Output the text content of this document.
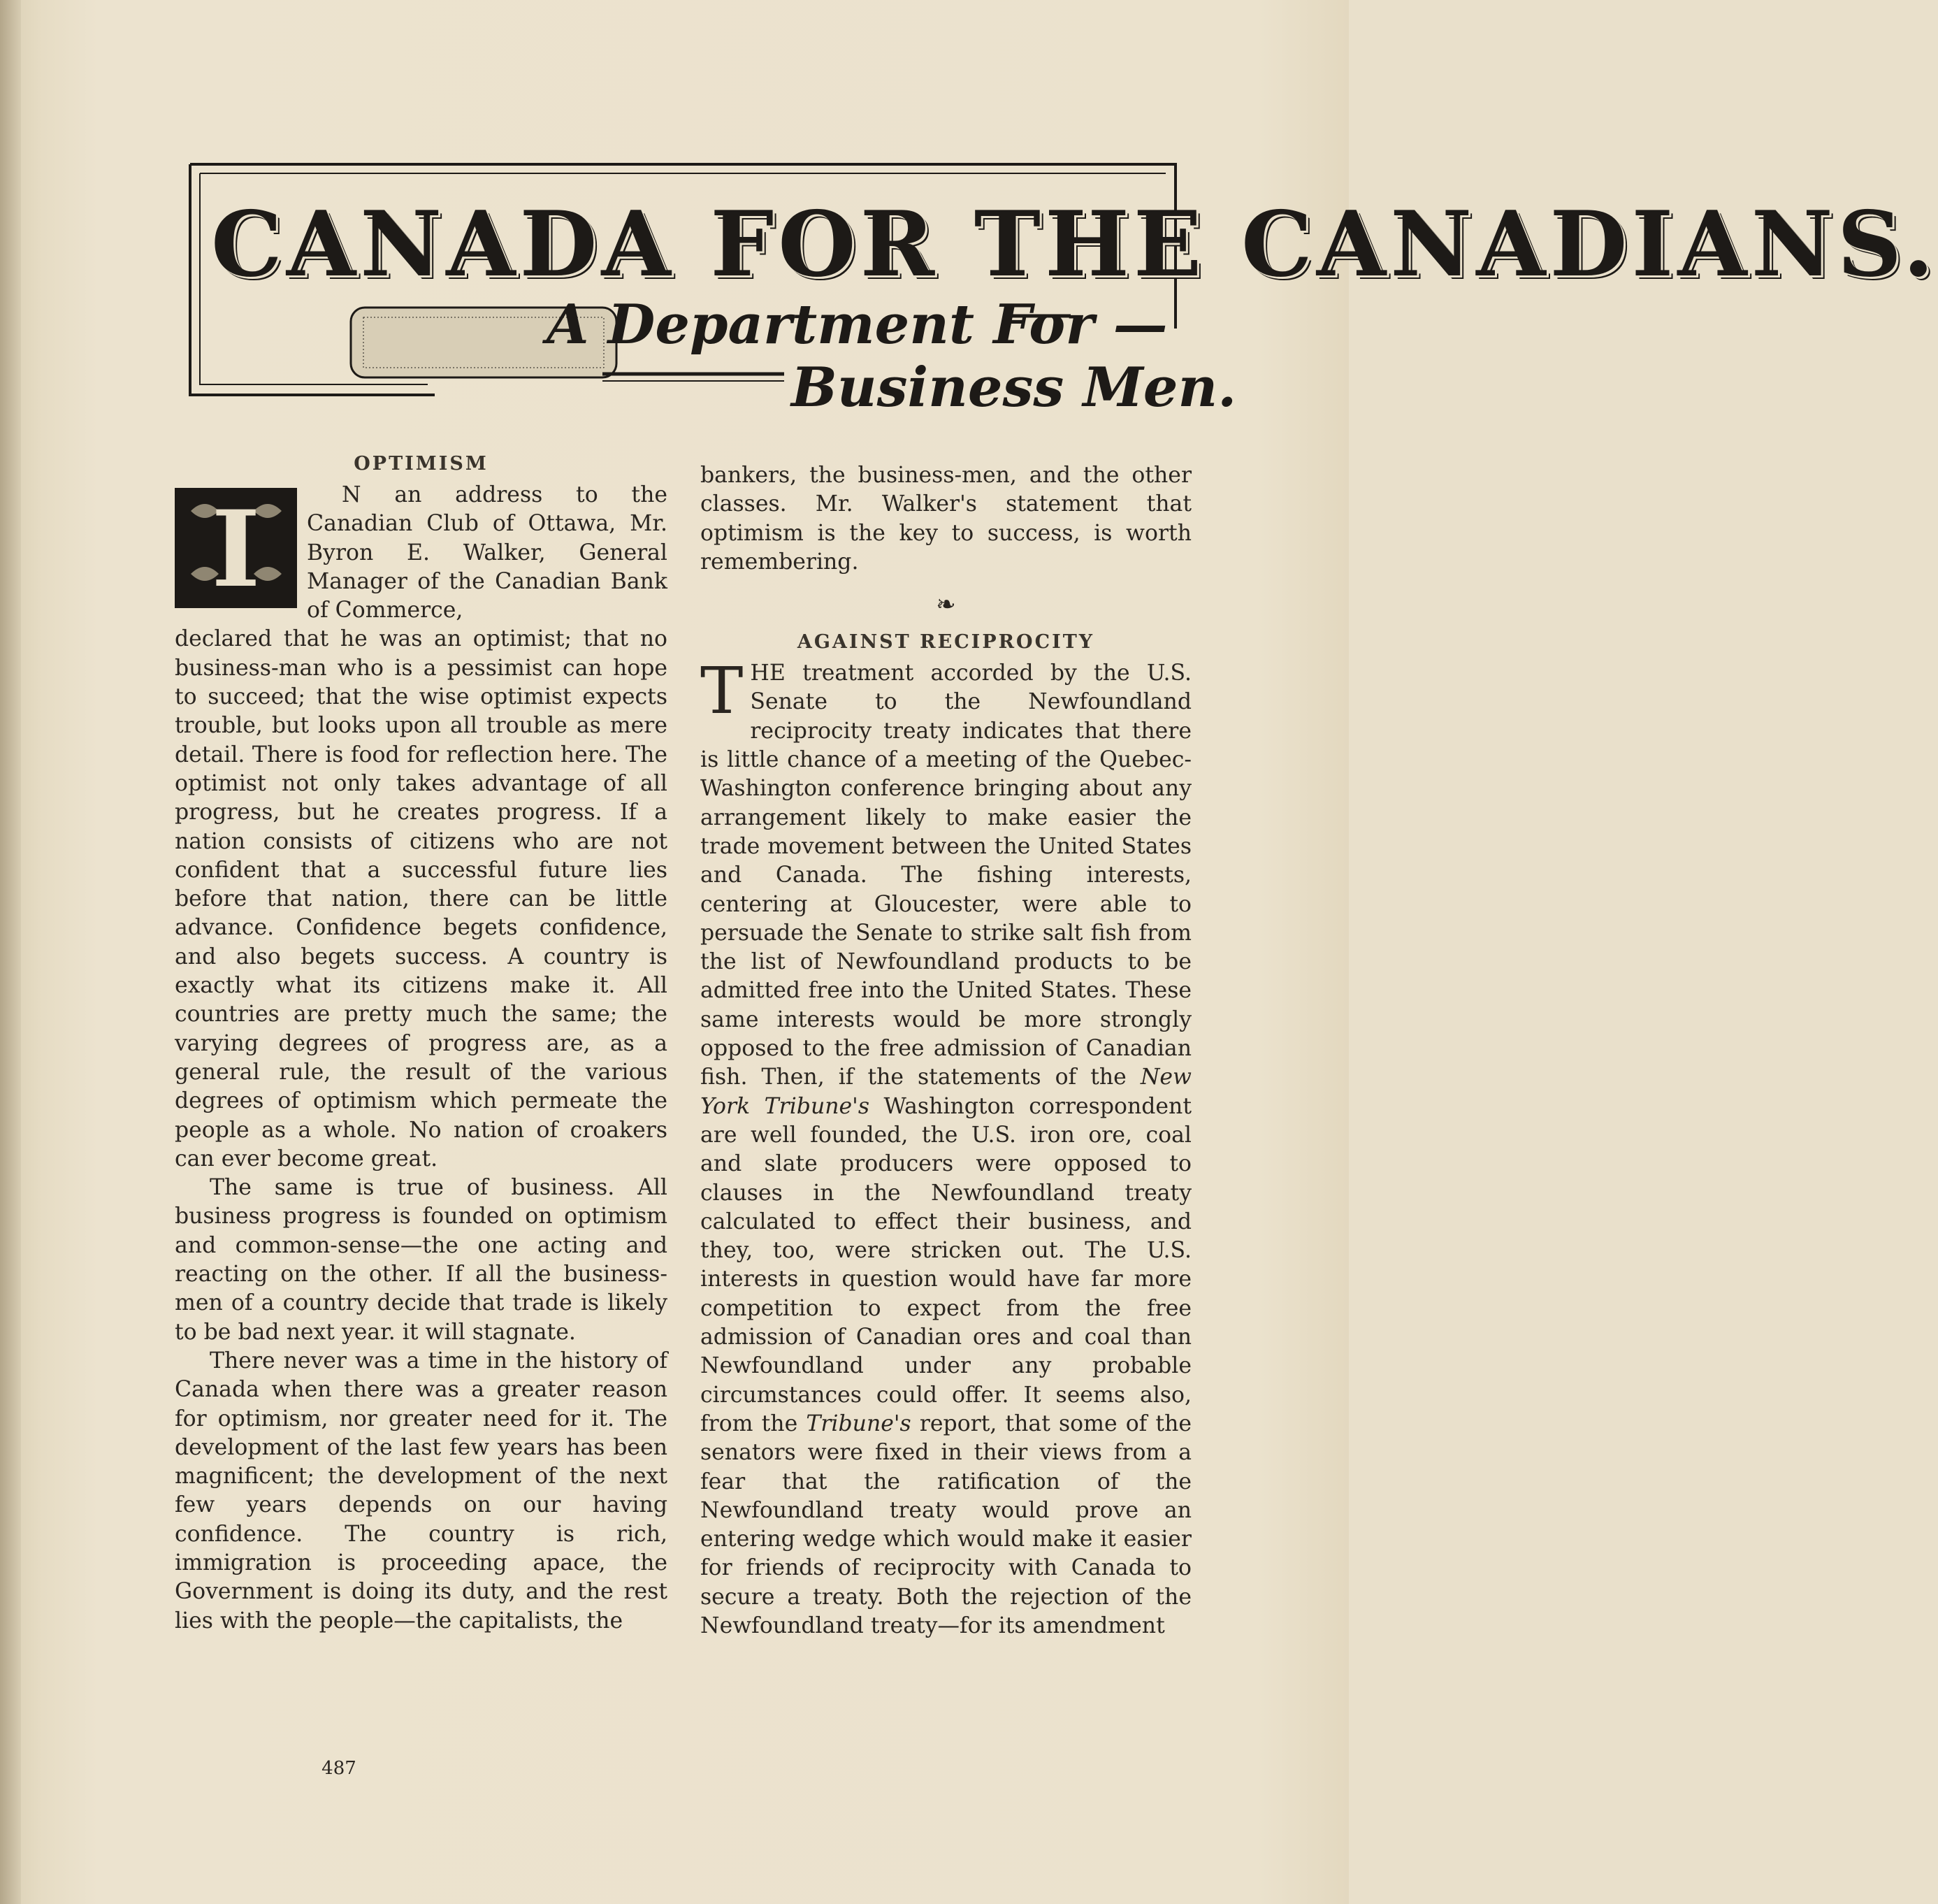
CANADA FOR THE CANADIANS.
A Department For —
Business Men.
OPTIMISM
I	N an address to the Canadian Club of Ottawa, Mr. Byron E. Walker, General Manager of the Canadian Bank of Commerce,

declared that he was an optimist; that no business-man who is a pessimist can hope to succeed; that the wise optimist expects trouble, but looks upon all trouble as mere detail. There is food for reflection here. The optimist not only takes advantage of all progress, but he creates progress. If a nation consists of citizens who are not confident that a successful future lies before that nation, there can be little advance. Confidence begets confidence, and also begets success. A country is exactly what its citizens make it. All countries are pretty much the same; the varying degrees of progress are, as a general rule, the result of the various degrees of optimism which permeate the people as a whole. No nation of croakers can ever become great.

The same is true of business. All business progress is founded on optimism and common-sense—the one acting and reacting on the other. If all the business-men of a country decide that trade is likely to be bad next year. it will stagnate.

There never was a time in the history of Canada when there was a greater reason for optimism, nor greater need for it. The development of the last few years has been magnificent; the development of the next few years depends on our having confidence. The country is rich, immigration is proceeding apace, the Government is doing its duty, and the rest lies with the people—the capitalists, the

bankers, the business-men, and the other classes. Mr. Walker's statement that optimism is the key to success, is worth remembering.

❧
AGAINST RECIPROCITY

THE treatment accorded by the U.S. Senate to the Newfoundland reciprocity treaty indicates that there is little chance of a meeting of the Quebec-Washington conference bringing about any arrangement likely to make easier the trade movement between the United States and Canada. The fishing interests, centering at Gloucester, were able to persuade the Senate to strike salt fish from the list of Newfoundland products to be admitted free into the United States. These same interests would be more strongly opposed to the free admission of Canadian fish. Then, if the statements of the New York Tribune's Washington correspondent are well founded, the U.S. iron ore, coal and slate producers were opposed to clauses in the Newfoundland treaty calculated to effect their business, and they, too, were stricken out. The U.S. interests in question would have far more competition to expect from the free admission of Canadian ores and coal than Newfoundland under any probable circumstances could offer. It seems also, from the Tribune's report, that some of the senators were fixed in their views from a fear that the ratification of the Newfoundland treaty would prove an entering wedge which would make it easier for friends of reciprocity with Canada to secure a treaty. Both the rejection of the Newfoundland treaty—for its amendment

487
